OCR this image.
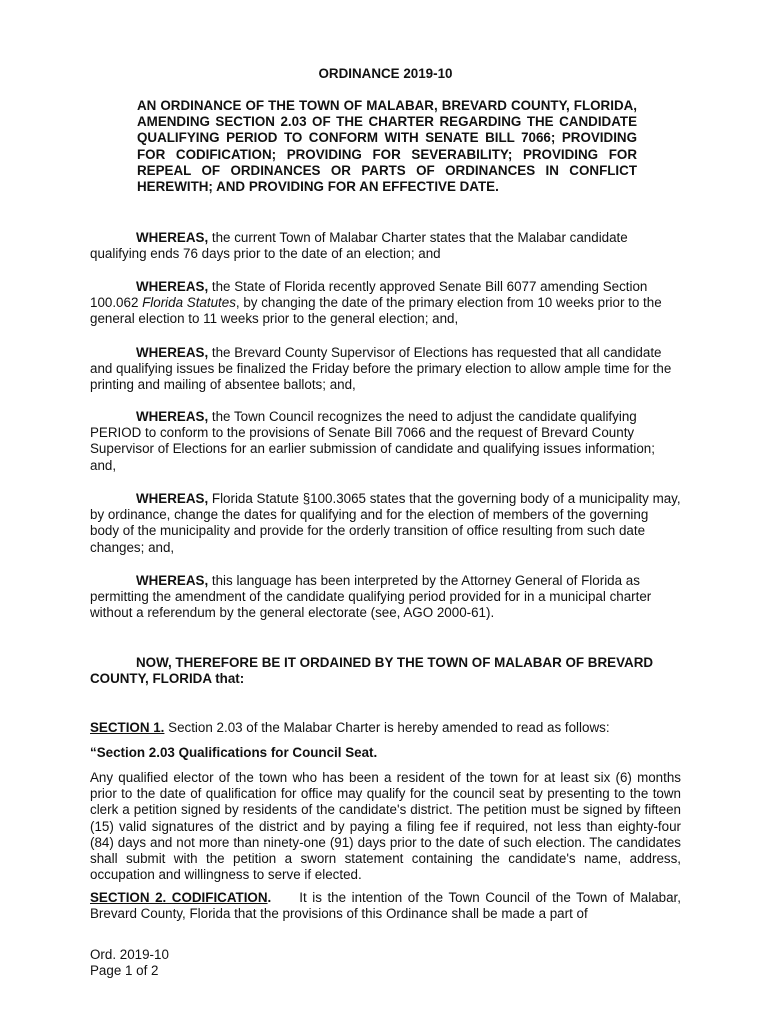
ORDINANCE 2019-10
AN ORDINANCE OF THE TOWN OF MALABAR, BREVARD COUNTY, FLORIDA, AMENDING SECTION 2.03 OF THE CHARTER REGARDING THE CANDIDATE QUALIFYING PERIOD TO CONFORM WITH SENATE BILL 7066; PROVIDING FOR CODIFICATION; PROVIDING FOR SEVERABILITY; PROVIDING FOR REPEAL OF ORDINANCES OR PARTS OF ORDINANCES IN CONFLICT HEREWITH; AND PROVIDING FOR AN EFFECTIVE DATE.
WHEREAS, the current Town of Malabar Charter states that the Malabar candidate qualifying ends 76 days prior to the date of an election; and
WHEREAS, the State of Florida recently approved Senate Bill 6077 amending Section 100.062 Florida Statutes, by changing the date of the primary election from 10 weeks prior to the general election to 11 weeks prior to the general election; and,
WHEREAS, the Brevard County Supervisor of Elections has requested that all candidate and qualifying issues be finalized the Friday before the primary election to allow ample time for the printing and mailing of absentee ballots; and,
WHEREAS, the Town Council recognizes the need to adjust the candidate qualifying PERIOD to conform to the provisions of Senate Bill 7066 and the request of Brevard County Supervisor of Elections for an earlier submission of candidate and qualifying issues information; and,
WHEREAS, Florida Statute §100.3065 states that the governing body of a municipality may, by ordinance, change the dates for qualifying and for the election of members of the governing body of the municipality and provide for the orderly transition of office resulting from such date changes; and,
WHEREAS, this language has been interpreted by the Attorney General of Florida as permitting the amendment of the candidate qualifying period provided for in a municipal charter without a referendum by the general electorate (see, AGO 2000-61).
NOW, THEREFORE BE IT ORDAINED BY THE TOWN OF MALABAR OF BREVARD COUNTY, FLORIDA that:
SECTION 1. Section 2.03 of the Malabar Charter is hereby amended to read as follows:
“Section 2.03 Qualifications for Council Seat.
Any qualified elector of the town who has been a resident of the town for at least six (6) months prior to the date of qualification for office may qualify for the council seat by presenting to the town clerk a petition signed by residents of the candidate's district. The petition must be signed by fifteen (15) valid signatures of the district and by paying a filing fee if required, not less than eighty-four (84) days and not more than ninety-one (91) days prior to the date of such election. The candidates shall submit with the petition a sworn statement containing the candidate's name, address, occupation and willingness to serve if elected.
SECTION 2. CODIFICATION. It is the intention of the Town Council of the Town of Malabar, Brevard County, Florida that the provisions of this Ordinance shall be made a part of
Ord. 2019-10
Page 1 of 2
